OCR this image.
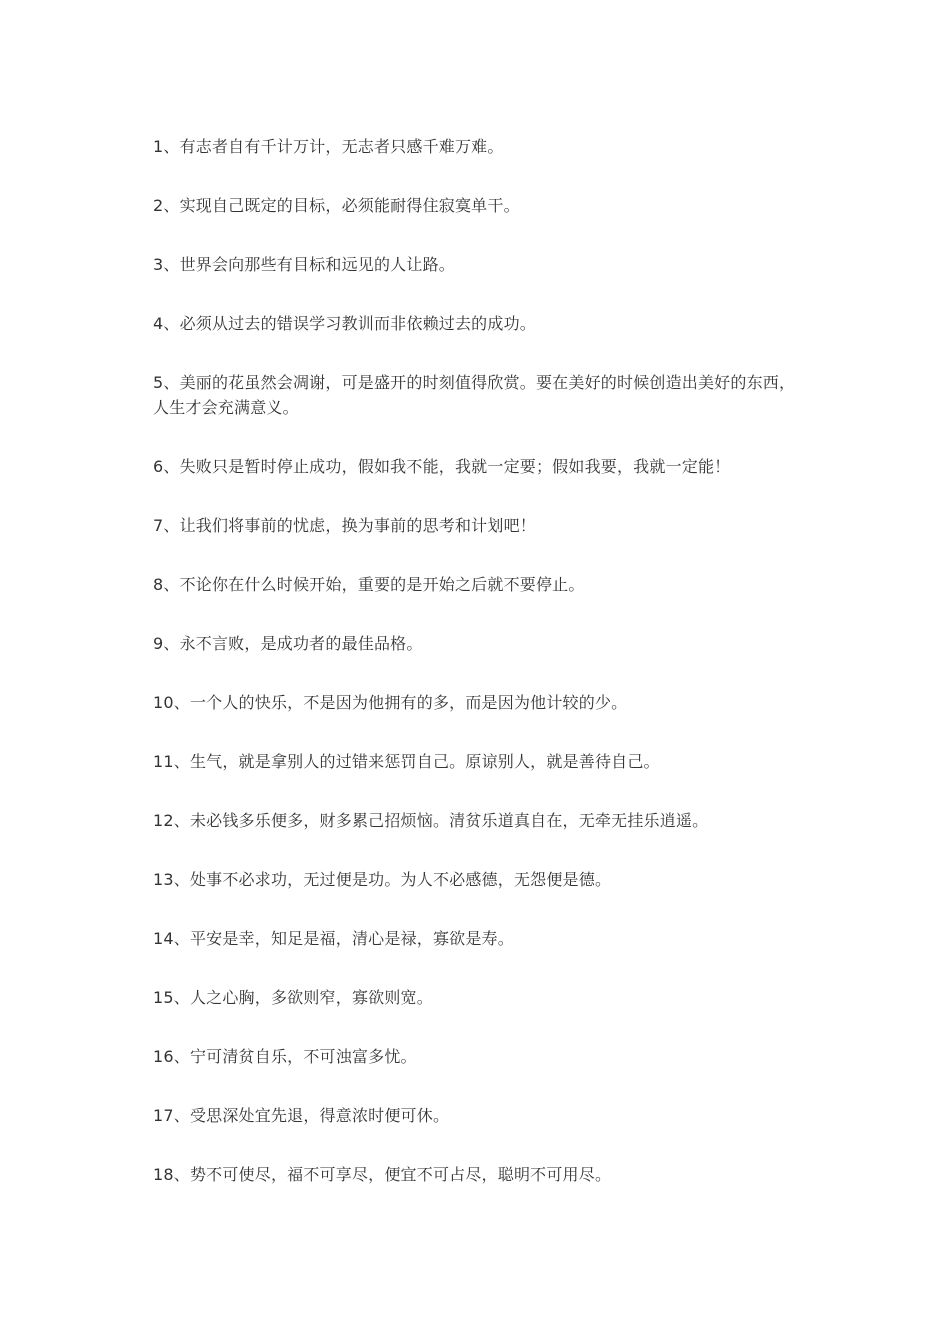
1、有志者自有千计万计，无志者只感千难万难。
2、实现自己既定的目标，必须能耐得住寂寞单干。
3、世界会向那些有目标和远见的人让路。
4、必须从过去的错误学习教训而非依赖过去的成功。
5、美丽的花虽然会凋谢，可是盛开的时刻值得欣赏。要在美好的时候创造出美好的东西，人生才会充满意义。
6、失败只是暂时停止成功，假如我不能，我就一定要；假如我要，我就一定能！
7、让我们将事前的忧虑，换为事前的思考和计划吧！
8、不论你在什么时候开始，重要的是开始之后就不要停止。
9、永不言败，是成功者的最佳品格。
10、一个人的快乐，不是因为他拥有的多，而是因为他计较的少。
11、生气，就是拿别人的过错来惩罚自己。原谅别人，就是善待自己。
12、未必钱多乐便多，财多累己招烦恼。清贫乐道真自在，无牵无挂乐逍遥。
13、处事不必求功，无过便是功。为人不必感德，无怨便是德。
14、平安是幸，知足是福，清心是禄，寡欲是寿。
15、人之心胸，多欲则窄，寡欲则宽。
16、宁可清贫自乐，不可浊富多忧。
17、受思深处宜先退，得意浓时便可休。
18、势不可使尽，福不可享尽，便宜不可占尽，聪明不可用尽。
